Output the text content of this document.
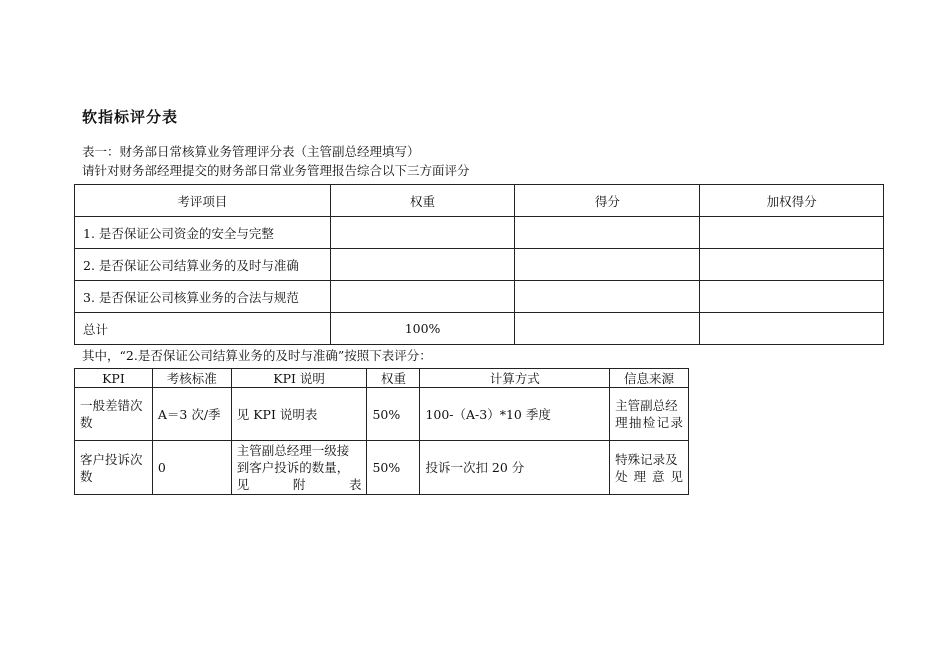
软指标评分表
表一：财务部日常核算业务管理评分表（主管副总经理填写）
请针对财务部经理提交的财务部日常业务管理报告综合以下三方面评分
考评项目	权重	得分	加权得分
1. 是否保证公司资金的安全与完整			
2. 是否保证公司结算业务的及时与准确			
3. 是否保证公司核算业务的合法与规范			
总计	100%		
其中，“2.是否保证公司结算业务的及时与准确”按照下表评分：
KPI	考核标准	KPI 说明	权重	计算方式	信息来源
一般差错次数	A＝3 次/季	见 KPI 说明表	50%	100-（A-3）*10 季度	主管副总经理抽检记录
客户投诉次数	0	主管副总经理一级接到客户投诉的数量，见附表	50%	投诉一次扣 20 分	特殊记录及处理意见
